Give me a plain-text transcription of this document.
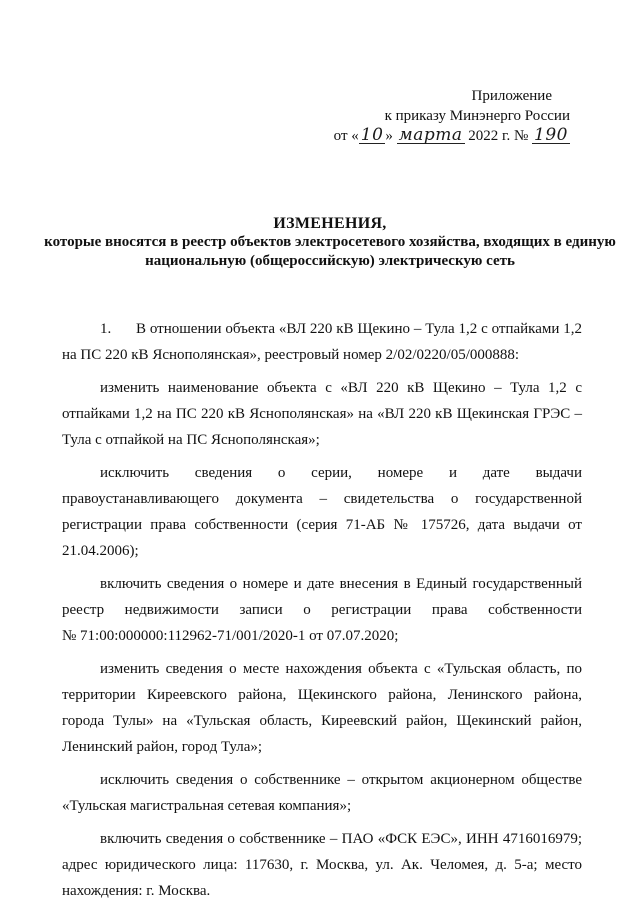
Приложение
к приказу Минэнерго России
от « 10 » марта 2022 г. № 190
ИЗМЕНЕНИЯ,
которые вносятся в реестр объектов электросетевого хозяйства, входящих в единую национальную (общероссийскую) электрическую сеть

1. В отношении объекта «ВЛ 220 кВ Щекино – Тула 1,2 с отпайками 1,2 на ПС 220 кВ Яснополянская», реестровый номер 2/02/0220/05/000888:

изменить наименование объекта с «ВЛ 220 кВ Щекино – Тула 1,2 с отпайками 1,2 на ПС 220 кВ Яснополянская» на «ВЛ 220 кВ Щекинская ГРЭС – Тула с отпайкой на ПС Яснополянская»;

исключить сведения о серии, номере и дате выдачи правоустанавливающего документа – свидетельства о государственной регистрации права собственности (серия 71-АБ № 175726, дата выдачи от 21.04.2006);

включить сведения о номере и дате внесения в Единый государственный реестр недвижимости записи о регистрации права собственности

№ 71:00:000000:112962-71/001/2020-1 от 07.07.2020;

изменить сведения о месте нахождения объекта с «Тульская область, по территории Киреевского района, Щекинского района, Ленинского района, города Тулы» на «Тульская область, Киреевский район, Щекинский район, Ленинский район, город Тула»;

исключить сведения о собственнике – открытом акционерном обществе «Тульская магистральная сетевая компания»;

включить сведения о собственнике – ПАО «ФСК ЕЭС», ИНН 4716016979; адрес юридического лица: 117630, г. Москва, ул. Ак. Челомея, д. 5-а; место нахождения: г. Москва.
